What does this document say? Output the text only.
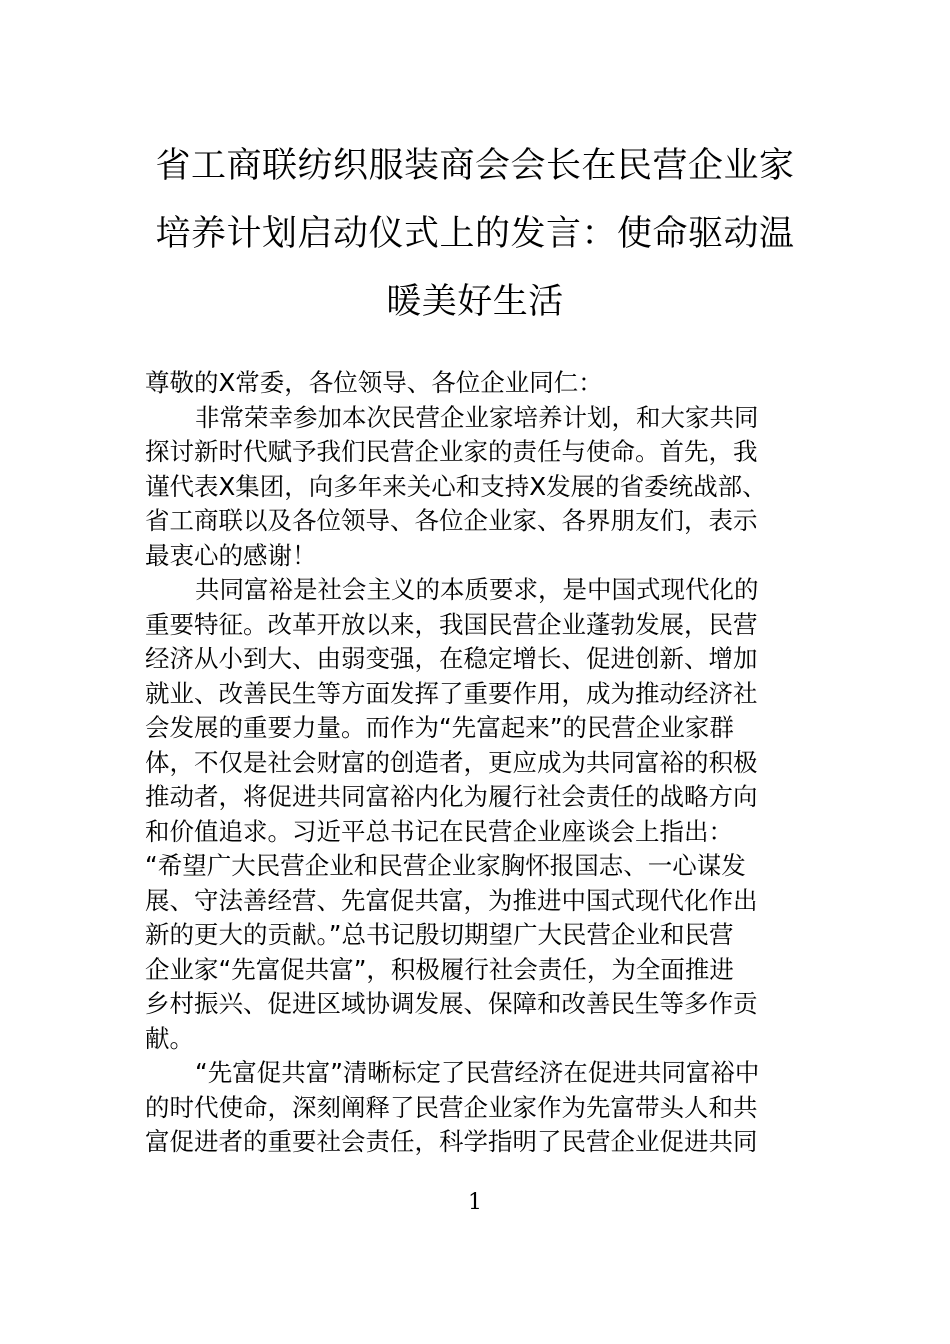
省工商联纺织服装商会会长在民营企业家
培养计划启动仪式上的发言：使命驱动温
暖美好生活

尊敬的X常委，各位领导、各位企业同仁：

非常荣幸参加本次民营企业家培养计划，和大家共同
探讨新时代赋予我们民营企业家的责任与使命。首先，我
谨代表X集团，向多年来关心和支持X发展的省委统战部、
省工商联以及各位领导、各位企业家、各界朋友们，表示
最衷心的感谢！

共同富裕是社会主义的本质要求，是中国式现代化的
重要特征。改革开放以来，我国民营企业蓬勃发展，民营
经济从小到大、由弱变强，在稳定增长、促进创新、增加
就业、改善民生等方面发挥了重要作用，成为推动经济社
会发展的重要力量。而作为“先富起来”的民营企业家群
体，不仅是社会财富的创造者，更应成为共同富裕的积极
推动者，将促进共同富裕内化为履行社会责任的战略方向
和价值追求。习近平总书记在民营企业座谈会上指出：
“希望广大民营企业和民营企业家胸怀报国志、一心谋发
展、守法善经营、先富促共富，为推进中国式现代化作出
新的更大的贡献。”总书记殷切期望广大民营企业和民营
企业家“先富促共富”，积极履行社会责任，为全面推进
乡村振兴、促进区域协调发展、保障和改善民生等多作贡
献。

“先富促共富”清晰标定了民营经济在促进共同富裕中
的时代使命，深刻阐释了民营企业家作为先富带头人和共
富促进者的重要社会责任，科学指明了民营企业促进共同

1
